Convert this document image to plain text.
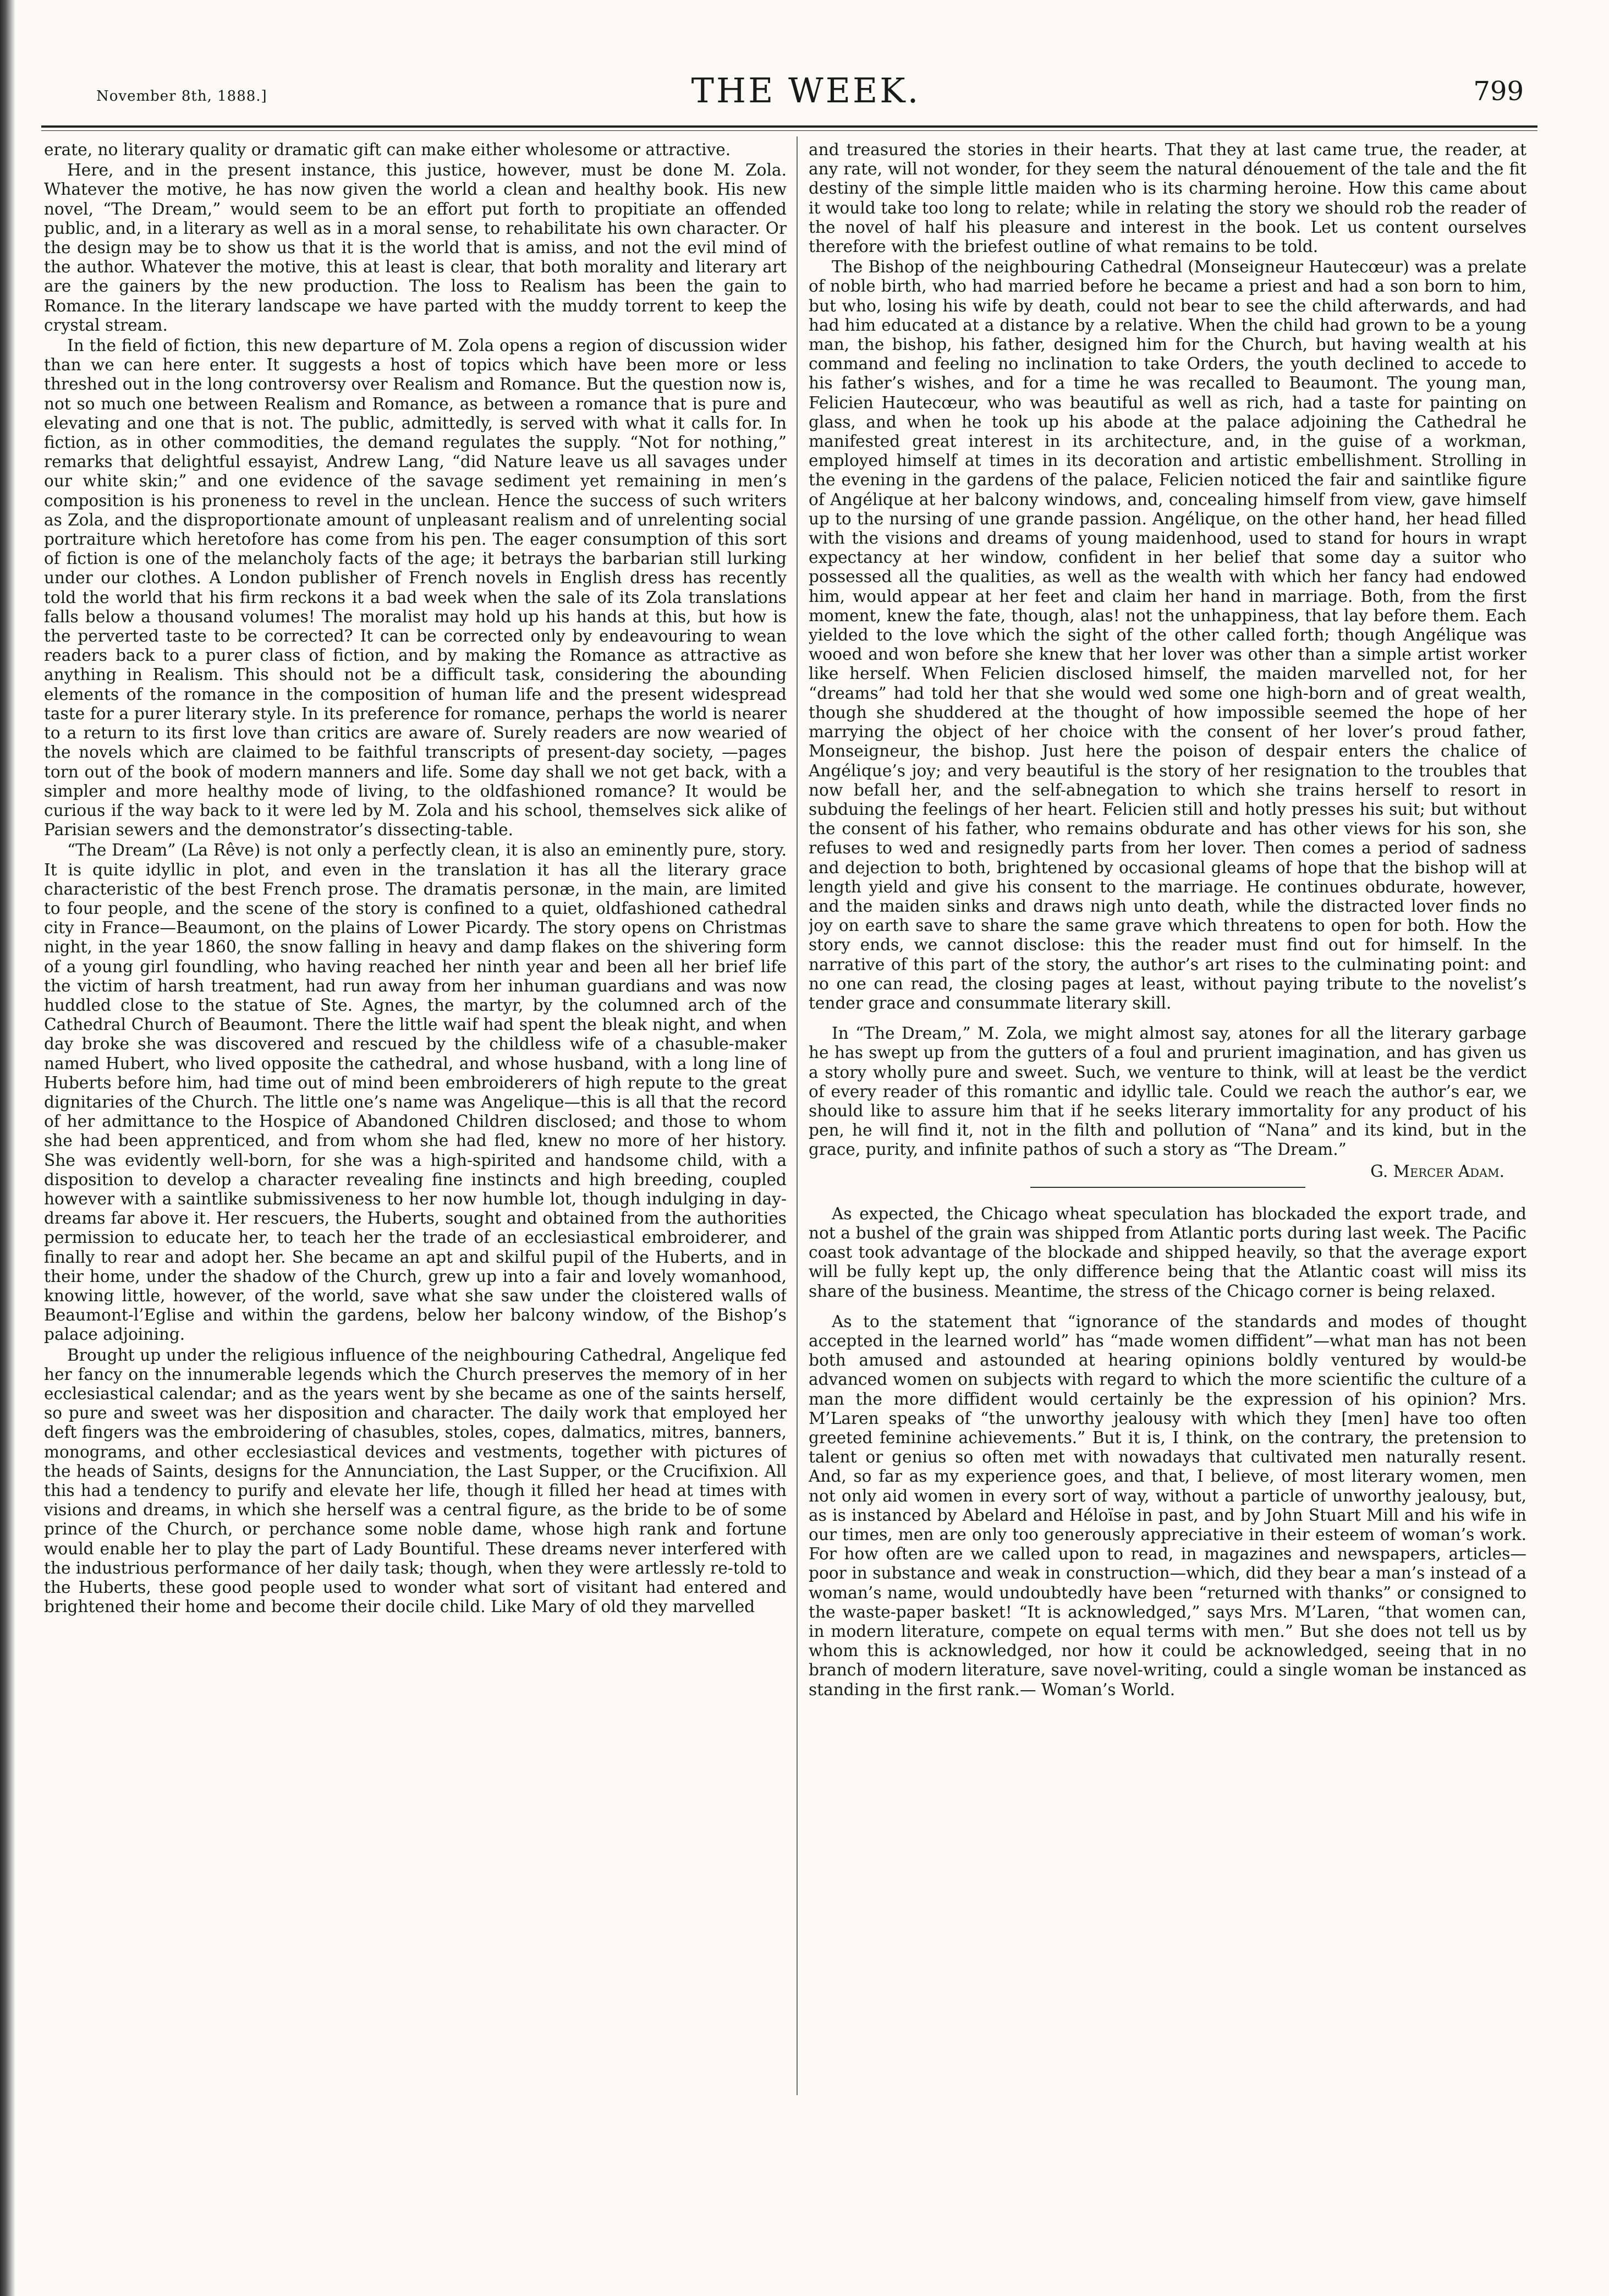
November 8th, 1888.]	THE WEEK.	799

erate, no literary quality or dramatic gift can make either wholesome or attractive.

Here, and in the present instance, this justice, however, must be done M. Zola. Whatever the motive, he has now given the world a clean and healthy book. His new novel, “The Dream,” would seem to be an effort put forth to propitiate an offended public, and, in a literary as well as in a moral sense, to rehabilitate his own character. Or the design may be to show us that it is the world that is amiss, and not the evil mind of the author. Whatever the motive, this at least is clear, that both morality and literary art are the gainers by the new production. The loss to Realism has been the gain to Romance. In the literary landscape we have parted with the muddy torrent to keep the crystal stream.

In the field of fiction, this new departure of M. Zola opens a region of discussion wider than we can here enter. It suggests a host of topics which have been more or less threshed out in the long controversy over Realism and Romance. But the question now is, not so much one between Realism and Romance, as between a romance that is pure and elevating and one that is not. The public, admittedly, is served with what it calls for. In fiction, as in other commodities, the demand regulates the supply. “Not for nothing,” remarks that delightful essayist, Andrew Lang, “did Nature leave us all savages under our white skin;” and one evidence of the savage sediment yet remaining in men’s composition is his proneness to revel in the unclean. Hence the success of such writers as Zola, and the disproportionate amount of unpleasant realism and of unrelenting social portraiture which heretofore has come from his pen. The eager consumption of this sort of fiction is one of the melancholy facts of the age; it betrays the barbarian still lurking under our clothes. A London publisher of French novels in English dress has recently told the world that his firm reckons it a bad week when the sale of its Zola translations falls below a thousand volumes! The moralist may hold up his hands at this, but how is the perverted taste to be corrected? It can be corrected only by endeavouring to wean readers back to a purer class of fiction, and by making the Romance as attractive as anything in Realism. This should not be a difficult task, considering the abounding elements of the romance in the composition of human life and the present widespread taste for a purer literary style. In its preference for romance, perhaps the world is nearer to a return to its first love than critics are aware of. Surely readers are now wearied of the novels which are claimed to be faithful transcripts of present-day society, —pages torn out of the book of modern manners and life. Some day shall we not get back, with a simpler and more healthy mode of living, to the oldfashioned romance? It would be curious if the way back to it were led by M. Zola and his school, themselves sick alike of Parisian sewers and the demonstrator’s dissecting-table.

“The Dream” (La Rêve) is not only a perfectly clean, it is also an eminently pure, story. It is quite idyllic in plot, and even in the translation it has all the literary grace characteristic of the best French prose. The dramatis personæ, in the main, are limited to four people, and the scene of the story is confined to a quiet, oldfashioned cathedral city in France—Beaumont, on the plains of Lower Picardy. The story opens on Christmas night, in the year 1860, the snow falling in heavy and damp flakes on the shivering form of a young girl foundling, who having reached her ninth year and been all her brief life the victim of harsh treatment, had run away from her inhuman guardians and was now huddled close to the statue of Ste. Agnes, the martyr, by the columned arch of the Cathedral Church of Beaumont. There the little waif had spent the bleak night, and when day broke she was discovered and rescued by the childless wife of a chasuble-maker named Hubert, who lived opposite the cathedral, and whose husband, with a long line of Huberts before him, had time out of mind been embroiderers of high repute to the great dignitaries of the Church. The little one’s name was Angelique—this is all that the record of her admittance to the Hospice of Abandoned Children disclosed; and those to whom she had been apprenticed, and from whom she had fled, knew no more of her history. She was evidently well-born, for she was a high-spirited and handsome child, with a disposition to develop a character revealing fine instincts and high breeding, coupled however with a saintlike submissiveness to her now humble lot, though indulging in day-dreams far above it. Her rescuers, the Huberts, sought and obtained from the authorities permission to educate her, to teach her the trade of an ecclesiastical embroiderer, and finally to rear and adopt her. She became an apt and skilful pupil of the Huberts, and in their home, under the shadow of the Church, grew up into a fair and lovely womanhood, knowing little, however, of the world, save what she saw under the cloistered walls of Beaumont-l’Eglise and within the gardens, below her balcony window, of the Bishop’s palace adjoining.

Brought up under the religious influence of the neighbouring Cathedral, Angelique fed her fancy on the innumerable legends which the Church preserves the memory of in her ecclesiastical calendar; and as the years went by she became as one of the saints herself, so pure and sweet was her disposition and character. The daily work that employed her deft fingers was the embroidering of chasubles, stoles, copes, dalmatics, mitres, banners, monograms, and other ecclesiastical devices and vestments, together with pictures of the heads of Saints, designs for the Annunciation, the Last Supper, or the Crucifixion. All this had a tendency to purify and elevate her life, though it filled her head at times with visions and dreams, in which she herself was a central figure, as the bride to be of some prince of the Church, or perchance some noble dame, whose high rank and fortune would enable her to play the part of Lady Bountiful. These dreams never interfered with the industrious performance of her daily task; though, when they were artlessly re-told to the Huberts, these good people used to wonder what sort of visitant had entered and brightened their home and become their docile child. Like Mary of old they marvelled

and treasured the stories in their hearts. That they at last came true, the reader, at any rate, will not wonder, for they seem the natural dénouement of the tale and the fit destiny of the simple little maiden who is its charming heroine. How this came about it would take too long to relate; while in relating the story we should rob the reader of the novel of half his pleasure and interest in the book. Let us content ourselves therefore with the briefest outline of what remains to be told.

The Bishop of the neighbouring Cathedral (Monseigneur Hautecœur) was a prelate of noble birth, who had married before he became a priest and had a son born to him, but who, losing his wife by death, could not bear to see the child afterwards, and had had him educated at a distance by a relative. When the child had grown to be a young man, the bishop, his father, designed him for the Church, but having wealth at his command and feeling no inclination to take Orders, the youth declined to accede to his father’s wishes, and for a time he was recalled to Beaumont. The young man, Felicien Hautecœur, who was beautiful as well as rich, had a taste for painting on glass, and when he took up his abode at the palace adjoining the Cathedral he manifested great interest in its architecture, and, in the guise of a workman, employed himself at times in its decoration and artistic embellishment. Strolling in the evening in the gardens of the palace, Felicien noticed the fair and saintlike figure of Angélique at her balcony windows, and, concealing himself from view, gave himself up to the nursing of une grande passion. Angélique, on the other hand, her head filled with the visions and dreams of young maidenhood, used to stand for hours in wrapt expectancy at her window, confident in her belief that some day a suitor who possessed all the qualities, as well as the wealth with which her fancy had endowed him, would appear at her feet and claim her hand in marriage. Both, from the first moment, knew the fate, though, alas! not the unhappiness, that lay before them. Each yielded to the love which the sight of the other called forth; though Angélique was wooed and won before she knew that her lover was other than a simple artist worker like herself. When Felicien disclosed himself, the maiden marvelled not, for her “dreams” had told her that she would wed some one high-born and of great wealth, though she shuddered at the thought of how impossible seemed the hope of her marrying the object of her choice with the consent of her lover’s proud father, Monseigneur, the bishop. Just here the poison of despair enters the chalice of Angélique’s joy; and very beautiful is the story of her resignation to the troubles that now befall her, and the self-abnegation to which she trains herself to resort in subduing the feelings of her heart. Felicien still and hotly presses his suit; but without the consent of his father, who remains obdurate and has other views for his son, she refuses to wed and resignedly parts from her lover. Then comes a period of sadness and dejection to both, brightened by occasional gleams of hope that the bishop will at length yield and give his consent to the marriage. He continues obdurate, however, and the maiden sinks and draws nigh unto death, while the distracted lover finds no joy on earth save to share the same grave which threatens to open for both. How the story ends, we cannot disclose: this the reader must find out for himself. In the narrative of this part of the story, the author’s art rises to the culminating point: and no one can read, the closing pages at least, without paying tribute to the novelist’s tender grace and consummate literary skill.

In “The Dream,” M. Zola, we might almost say, atones for all the literary garbage he has swept up from the gutters of a foul and prurient imagination, and has given us a story wholly pure and sweet. Such, we venture to think, will at least be the verdict of every reader of this romantic and idyllic tale. Could we reach the author’s ear, we should like to assure him that if he seeks literary immortality for any product of his pen, he will find it, not in the filth and pollution of “Nana” and its kind, but in the grace, purity, and infinite pathos of such a story as “The Dream.”

G. Mercer Adam.

As expected, the Chicago wheat speculation has blockaded the export trade, and not a bushel of the grain was shipped from Atlantic ports during last week. The Pacific coast took advantage of the blockade and shipped heavily, so that the average export will be fully kept up, the only difference being that the Atlantic coast will miss its share of the business. Meantime, the stress of the Chicago corner is being relaxed.

As to the statement that “ignorance of the standards and modes of thought accepted in the learned world” has “made women diffident”—what man has not been both amused and astounded at hearing opinions boldly ventured by would-be advanced women on subjects with regard to which the more scientific the culture of a man the more diffident would certainly be the expression of his opinion? Mrs. M’Laren speaks of “the unworthy jealousy with which they [men] have too often greeted feminine achievements.” But it is, I think, on the contrary, the pretension to talent or genius so often met with nowadays that cultivated men naturally resent. And, so far as my experience goes, and that, I believe, of most literary women, men not only aid women in every sort of way, without a particle of unworthy jealousy, but, as is instanced by Abelard and Héloïse in past, and by John Stuart Mill and his wife in our times, men are only too generously appreciative in their esteem of woman’s work. For how often are we called upon to read, in magazines and newspapers, articles—poor in substance and weak in construction—which, did they bear a man’s instead of a woman’s name, would undoubtedly have been “returned with thanks” or consigned to the waste-paper basket! “It is acknowledged,” says Mrs. M’Laren, “that women can, in modern literature, compete on equal terms with men.” But she does not tell us by whom this is acknowledged, nor how it could be acknowledged, seeing that in no branch of modern literature, save novel-writing, could a single woman be instanced as standing in the first rank.— Woman’s World.
